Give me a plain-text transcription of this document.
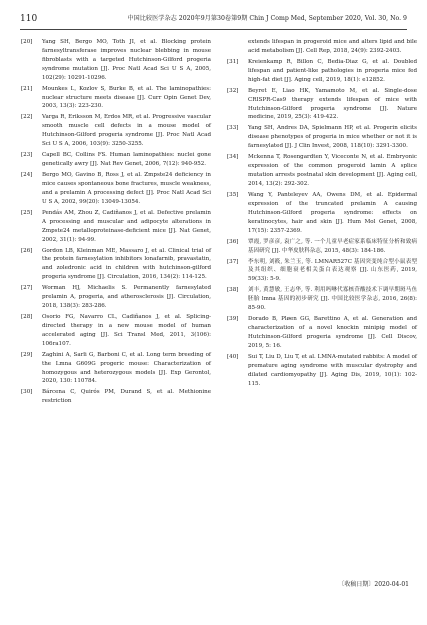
110	中国比较医学杂志 2020年9月第30卷第9期 Chin J Comp Med, September 2020, Vol. 30, No. 9
[20]	Yang SH, Bergo MO, Toth JI, et al. Blocking protein farnesyltransferase improves nuclear blebbing in mouse fibroblasts with a targeted Hutchinson-Gilford progeria syndrome mutation [J]. Proc Natl Acad Sci U S A, 2005, 102(29): 10291-10296.
[21]	Mounkes L, Kozlov S, Burke B, et al. The laminopathies: nuclear structure meets disease [J]. Curr Opin Genet Dev, 2003, 13(3): 223-230.
[22]	Varga R, Eriksson M, Erdos MR, et al. Progressive vascular smooth muscle cell defects in a mouse model of Hutchinson-Gilford progeria syndrome [J]. Proc Natl Acad Sci U S A, 2006, 103(9): 3250-3255.
[23]	Capell BC, Collins FS. Human laminopathies: nuclei gone genetically awry [J]. Nat Rev Genet, 2006, 7(12): 940-952.
[24]	Bergo MO, Gavino B, Ross J, et al. Zmpste24 deficiency in mice causes spontaneous bone fractures, muscle weakness, and a prelamin A processing defect [J]. Proc Natl Acad Sci U S A, 2002, 99(20): 13049-13054.
[25]	Pendás AM, Zhou Z, Cadiñanos J, et al. Defective prelamin A processing and muscular and adipocyte alterations in Zmpste24 metalloproteinase-deficient mice [J]. Nat Genet, 2002, 31(1): 94-99.
[26]	Gordon LB, Kleinman ME, Massaro J, et al. Clinical trial of the protein farnesylation inhibitors lonafarnib, pravastatin, and zoledronic acid in children with hutchinson-gilford progeria syndrome [J]. Circulation, 2016, 134(2): 114-125.
[27]	Worman HJ, Michaelis S. Permanently farnesylated prelamin A, progeria, and atherosclerosis [J]. Circulation, 2018, 138(3): 283-286.
[28]	Osorio FG, Navarro CL, Cadiñanos J, et al. Splicing-directed therapy in a new mouse model of human accelerated aging [J]. Sci Transl Med, 2011, 3(106): 106ra107.
[29]	Zaghini A, Sarli G, Barboni C, et al. Long term breeding of the Lmna G609G progeric mouse: Characterization of homozygous and heterozygous models [J]. Exp Gerontol, 2020, 130: 110784.
[30]	Bárcena C, Quirós PM, Durand S, et al. Methionine restriction
extends lifespan in progeroid mice and alters lipid and bile acid metabolism [J]. Cell Rep, 2018, 24(9): 2392-2403.
[31]	Kreienkamp R, Billon C, Bedia-Diaz G, et al. Doubled lifespan and patient-like pathologies in progeria mice fed high-fat diet [J]. Aging cell, 2019, 18(1): e12852.
[32]	Beyret E, Liao HK, Yamamoto M, et al. Single-dose CRISPR-Cas9 therapy extends lifespan of mice with Hutchinson-Gilford progeria syndrome [J]. Nature medicine, 2019, 25(3): 419-422.
[33]	Yang SH, Andres DA, Spielmann HP, et al. Progerin elicits disease phenotypes of progeria in mice whether or not it is farnesylated [J]. J Clin Invest, 2008, 118(10): 3291-3300.
[34]	Mckenna T, Rosengardten Y, Viceconte N, et al. Embryonic expression of the common progeroid lamin A splice mutation arrests postnatal skin development [J]. Aging cell, 2014, 13(2): 292-302.
[35]	Wang Y, Panteleyev AA, Owens DM, et al. Epidermal expression of the truncated prelamin A causing Hutchinson-Gilford progeria syndrome: effects on keratinocytes, hair and skin [J]. Hum Mol Genet, 2008, 17(15): 2357-2369.
[36]	覃霞, 罗彦彦, 袁广之, 等. 一个儿童早老症家系临床特征分析和致病基因研究 [J]. 中华皮肤科杂志, 2015, 48(3): 184-186.
[37]	李东明, 刘筱, 朱兰玉, 等. LMNAR527C 基因突变纯合型小鼠表型及其组织、细胞衰老相关蛋白表达观察 [J]. 山东医药, 2019, 59(33): 5-9.
[38]	刘丰, 黄慧敏, 王志华, 等. 利用吗啉代寡核苷酸技术下调早期斑马鱼胚胎 lmna 基因的初步研究 [J]. 中国比较医学杂志, 2016, 26(8): 85-90.
[39]	Dorado B, Pløen GG, Barettino A, et al. Generation and characterization of a novel knockin minipig model of Hutchinson-Gilford progeria syndrome [J]. Cell Discov, 2019, 5: 16.
[40]	Sui T, Liu D, Liu T, et al. LMNA-mutated rabbits: A model of premature aging syndrome with muscular dystrophy and dilated cardiomyopathy [J]. Aging Dis, 2019, 10(1): 102-115.
〔收稿日期〕2020-04-01
